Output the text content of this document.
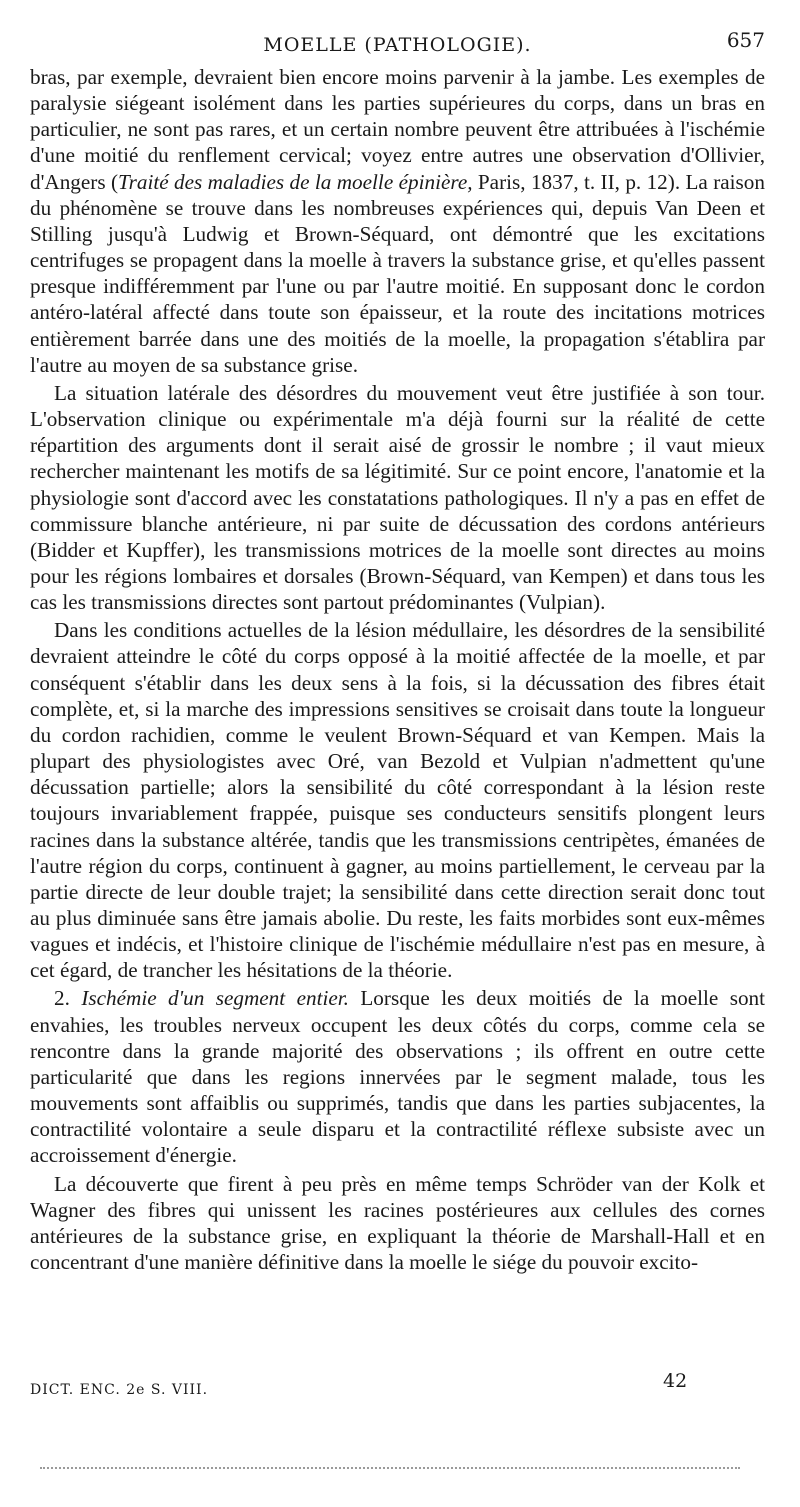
MOELLE (PATHOLOGIE).	657

bras, par exemple, devraient bien encore moins parvenir à la jambe. Les exemples de paralysie siégeant isolément dans les parties supérieures du corps, dans un bras en particulier, ne sont pas rares, et un certain nombre peuvent être attribuées à l'ischémie d'une moitié du renflement cervical; voyez entre autres une observation d'Ollivier, d'Angers (Traité des maladies de la moelle épinière, Paris, 1837, t. II, p. 12). La raison du phénomène se trouve dans les nombreuses expériences qui, depuis Van Deen et Stilling jusqu'à Ludwig et Brown-Séquard, ont démontré que les excitations centrifuges se propagent dans la moelle à travers la substance grise, et qu'elles passent presque indifféremment par l'une ou par l'autre moitié. En supposant donc le cordon antéro-latéral affecté dans toute son épaisseur, et la route des incitations motrices entièrement barrée dans une des moitiés de la moelle, la propagation s'établira par l'autre au moyen de sa substance grise.

La situation latérale des désordres du mouvement veut être justifiée à son tour. L'observation clinique ou expérimentale m'a déjà fourni sur la réalité de cette répartition des arguments dont il serait aisé de grossir le nombre ; il vaut mieux rechercher maintenant les motifs de sa légitimité. Sur ce point encore, l'anatomie et la physiologie sont d'accord avec les constatations pathologiques. Il n'y a pas en effet de commissure blanche antérieure, ni par suite de décussation des cordons antérieurs (Bidder et Kupffer), les transmissions motrices de la moelle sont directes au moins pour les régions lombaires et dorsales (Brown-Séquard, van Kempen) et dans tous les cas les transmissions directes sont partout prédominantes (Vulpian).

Dans les conditions actuelles de la lésion médullaire, les désordres de la sensibilité devraient atteindre le côté du corps opposé à la moitié affectée de la moelle, et par conséquent s'établir dans les deux sens à la fois, si la décussation des fibres était complète, et, si la marche des impressions sensitives se croisait dans toute la longueur du cordon rachidien, comme le veulent Brown-Séquard et van Kempen. Mais la plupart des physiologistes avec Oré, van Bezold et Vulpian n'admettent qu'une décussation partielle; alors la sensibilité du côté correspondant à la lésion reste toujours invariablement frappée, puisque ses conducteurs sensitifs plongent leurs racines dans la substance altérée, tandis que les transmissions centripètes, émanées de l'autre région du corps, continuent à gagner, au moins partiellement, le cerveau par la partie directe de leur double trajet; la sensibilité dans cette direction serait donc tout au plus diminuée sans être jamais abolie. Du reste, les faits morbides sont eux-mêmes vagues et indécis, et l'histoire clinique de l'ischémie médullaire n'est pas en mesure, à cet égard, de trancher les hésitations de la théorie.

2. Ischémie d'un segment entier. Lorsque les deux moitiés de la moelle sont envahies, les troubles nerveux occupent les deux côtés du corps, comme cela se rencontre dans la grande majorité des observations ; ils offrent en outre cette particularité que dans les regions innervées par le segment malade, tous les mouvements sont affaiblis ou supprimés, tandis que dans les parties subjacentes, la contractilité volontaire a seule disparu et la contractilité réflexe subsiste avec un accroissement d'énergie.

La découverte que firent à peu près en même temps Schröder van der Kolk et Wagner des fibres qui unissent les racines postérieures aux cellules des cornes antérieures de la substance grise, en expliquant la théorie de Marshall-Hall et en concentrant d'une manière définitive dans la moelle le siége du pouvoir excito-

DICT. ENC. 2e S. VIII.	42
